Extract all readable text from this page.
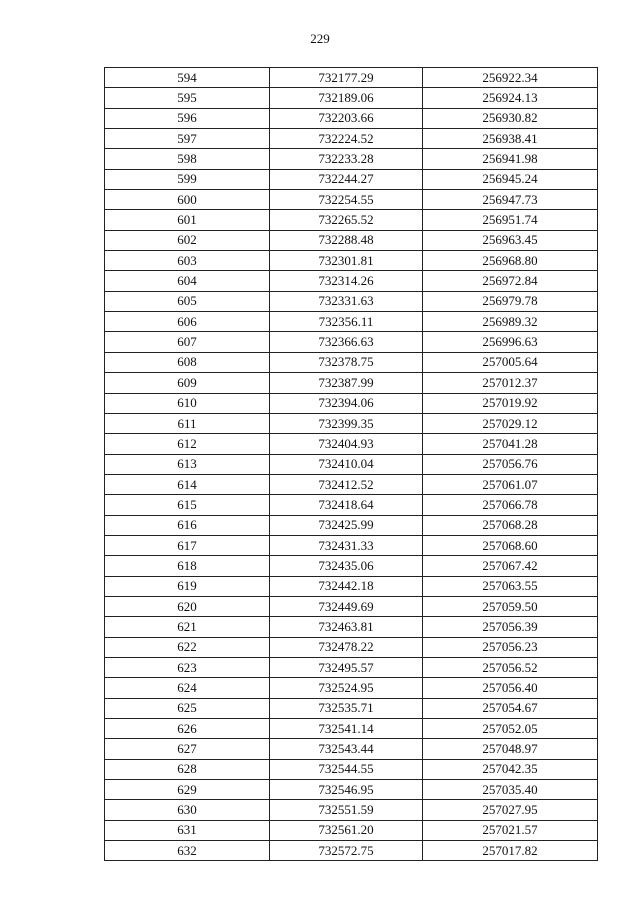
229
594	732177.29	256922.34
595	732189.06	256924.13
596	732203.66	256930.82
597	732224.52	256938.41
598	732233.28	256941.98
599	732244.27	256945.24
600	732254.55	256947.73
601	732265.52	256951.74
602	732288.48	256963.45
603	732301.81	256968.80
604	732314.26	256972.84
605	732331.63	256979.78
606	732356.11	256989.32
607	732366.63	256996.63
608	732378.75	257005.64
609	732387.99	257012.37
610	732394.06	257019.92
611	732399.35	257029.12
612	732404.93	257041.28
613	732410.04	257056.76
614	732412.52	257061.07
615	732418.64	257066.78
616	732425.99	257068.28
617	732431.33	257068.60
618	732435.06	257067.42
619	732442.18	257063.55
620	732449.69	257059.50
621	732463.81	257056.39
622	732478.22	257056.23
623	732495.57	257056.52
624	732524.95	257056.40
625	732535.71	257054.67
626	732541.14	257052.05
627	732543.44	257048.97
628	732544.55	257042.35
629	732546.95	257035.40
630	732551.59	257027.95
631	732561.20	257021.57
632	732572.75	257017.82
